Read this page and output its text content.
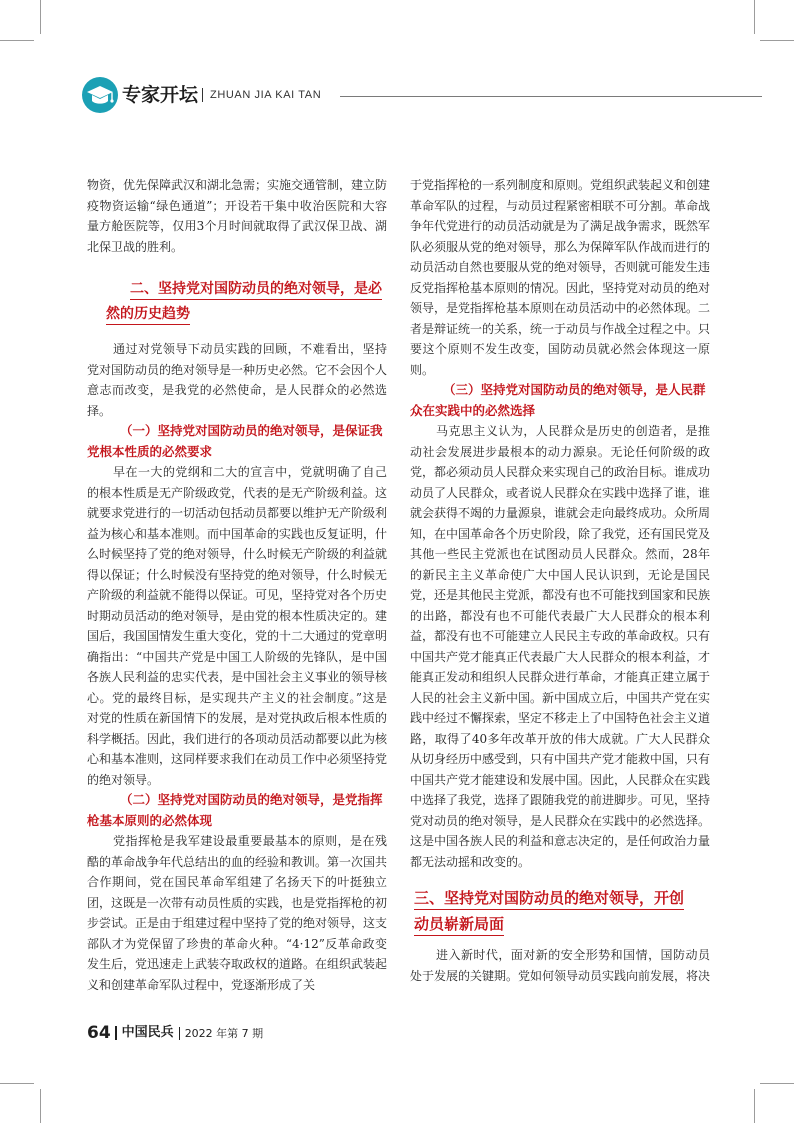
专家开坛	ZHUAN JIA KAI TAN

物资，优先保障武汉和湖北急需；实施交通管制，建立防疫物资运输“绿色通道”；开设若干集中收治医院和大容量方舱医院等，仅用3个月时间就取得了武汉保卫战、湖北保卫战的胜利。

二、坚持党对国防动员的绝对领导，是必然的历史趋势

通过对党领导下动员实践的回顾，不难看出，坚持党对国防动员的绝对领导是一种历史必然。它不会因个人意志而改变，是我党的必然使命，是人民群众的必然选择。

（一）坚持党对国防动员的绝对领导，是保证我党根本性质的必然要求

早在一大的党纲和二大的宣言中，党就明确了自己的根本性质是无产阶级政党，代表的是无产阶级利益。这就要求党进行的一切活动包括动员都要以维护无产阶级利益为核心和基本准则。而中国革命的实践也反复证明，什么时候坚持了党的绝对领导，什么时候无产阶级的利益就得以保证；什么时候没有坚持党的绝对领导，什么时候无产阶级的利益就不能得以保证。可见，坚持党对各个历史时期动员活动的绝对领导，是由党的根本性质决定的。建国后，我国国情发生重大变化，党的十二大通过的党章明确指出：“中国共产党是中国工人阶级的先锋队，是中国各族人民利益的忠实代表，是中国社会主义事业的领导核心。党的最终目标，是实现共产主义的社会制度。”这是对党的性质在新国情下的发展，是对党执政后根本性质的科学概括。因此，我们进行的各项动员活动都要以此为核心和基本准则，这同样要求我们在动员工作中必须坚持党的绝对领导。

（二）坚持党对国防动员的绝对领导，是党指挥枪基本原则的必然体现

党指挥枪是我军建设最重要最基本的原则，是在残酷的革命战争年代总结出的血的经验和教训。第一次国共合作期间，党在国民革命军组建了名扬天下的叶挺独立团，这既是一次带有动员性质的实践，也是党指挥枪的初步尝试。正是由于组建过程中坚持了党的绝对领导，这支部队才为党保留了珍贵的革命火种。“4·12”反革命政变发生后，党迅速走上武装夺取政权的道路。在组织武装起义和创建革命军队过程中，党逐渐形成了关

于党指挥枪的一系列制度和原则。党组织武装起义和创建革命军队的过程，与动员过程紧密相联不可分割。革命战争年代党进行的动员活动就是为了满足战争需求，既然军队必须服从党的绝对领导，那么为保障军队作战而进行的动员活动自然也要服从党的绝对领导，否则就可能发生违反党指挥枪基本原则的情况。因此，坚持党对动员的绝对领导，是党指挥枪基本原则在动员活动中的必然体现。二者是辩证统一的关系，统一于动员与作战全过程之中。只要这个原则不发生改变，国防动员就必然会体现这一原则。

（三）坚持党对国防动员的绝对领导，是人民群众在实践中的必然选择

马克思主义认为，人民群众是历史的创造者，是推动社会发展进步最根本的动力源泉。无论任何阶级的政党，都必须动员人民群众来实现自己的政治目标。谁成功动员了人民群众，或者说人民群众在实践中选择了谁，谁就会获得不竭的力量源泉，谁就会走向最终成功。众所周知，在中国革命各个历史阶段，除了我党，还有国民党及其他一些民主党派也在试图动员人民群众。然而，28年的新民主主义革命使广大中国人民认识到，无论是国民党，还是其他民主党派，都没有也不可能找到国家和民族的出路，都没有也不可能代表最广大人民群众的根本利益，都没有也不可能建立人民民主专政的革命政权。只有中国共产党才能真正代表最广大人民群众的根本利益，才能真正发动和组织人民群众进行革命，才能真正建立属于人民的社会主义新中国。新中国成立后，中国共产党在实践中经过不懈探索，坚定不移走上了中国特色社会主义道路，取得了40多年改革开放的伟大成就。广大人民群众从切身经历中感受到，只有中国共产党才能救中国，只有中国共产党才能建设和发展中国。因此，人民群众在实践中选择了我党，选择了跟随我党的前进脚步。可见，坚持党对动员的绝对领导，是人民群众在实践中的必然选择。这是中国各族人民的利益和意志决定的，是任何政治力量都无法动摇和改变的。

三、坚持党对国防动员的绝对领导，开创动员崭新局面

进入新时代，面对新的安全形势和国情，国防动员处于发展的关键期。党如何领导动员实践向前发展，将决

64 中国民兵	2022 年第 7 期
